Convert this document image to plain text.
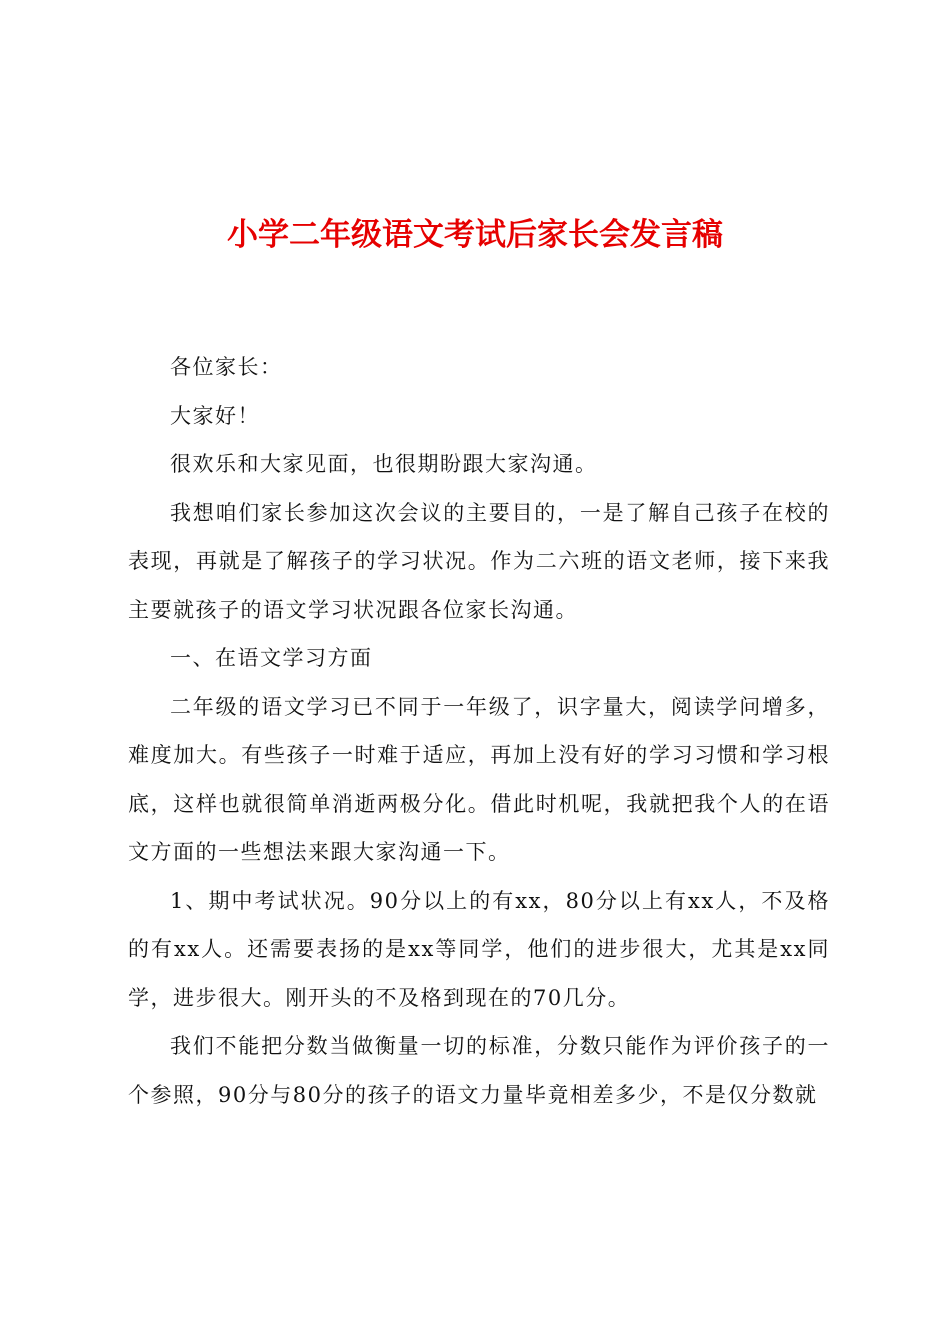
小学二年级语文考试后家长会发言稿

各位家长：

大家好！

很欢乐和大家见面，也很期盼跟大家沟通。

我想咱们家长参加这次会议的主要目的，一是了解自己孩子在校的表现，再就是了解孩子的学习状况。作为二六班的语文老师，接下来我主要就孩子的语文学习状况跟各位家长沟通。

一、在语文学习方面

二年级的语文学习已不同于一年级了，识字量大，阅读学问增多，难度加大。有些孩子一时难于适应，再加上没有好的学习习惯和学习根底，这样也就很简单消逝两极分化。借此时机呢，我就把我个人的在语文方面的一些想法来跟大家沟通一下。

1、期中考试状况。90分以上的有xx，80分以上有xx人，不及格的有xx人。还需要表扬的是xx等同学，他们的进步很大，尤其是xx同学，进步很大。刚开头的不及格到现在的70几分。

我们不能把分数当做衡量一切的标准，分数只能作为评价孩子的一个参照，90分与80分的孩子的语文力量毕竟相差多少，不是仅分数就
